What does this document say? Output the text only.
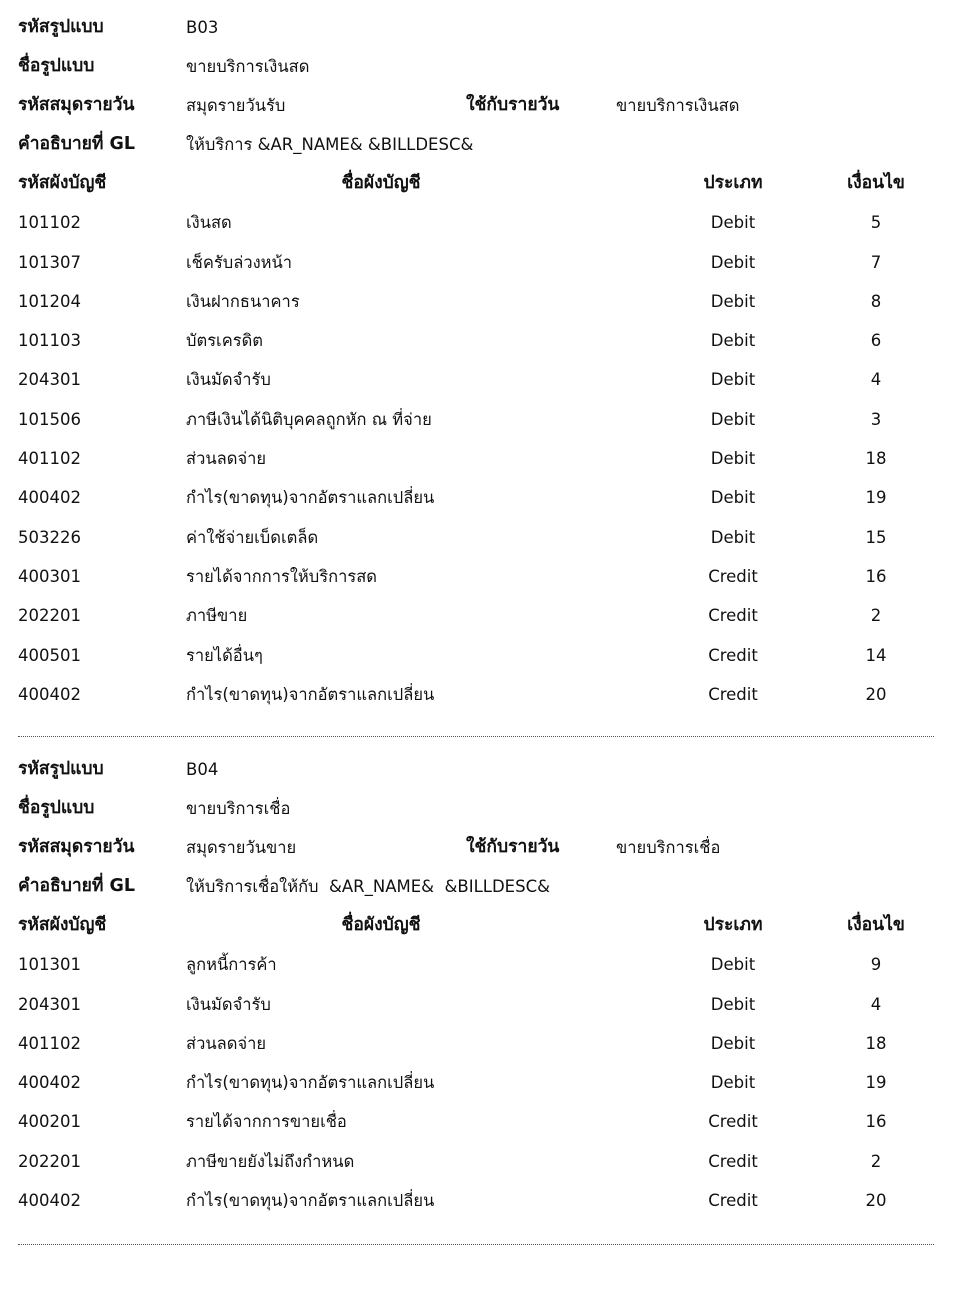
รหัสรูปแบบ	B03
ชื่อรูปแบบ	ขายบริการเงินสด
รหัสสมุดรายวัน	สมุดรายวันรับ	ใช้กับรายวัน	ขายบริการเงินสด
คำอธิบายที่ GL	ให้บริการ &AR_NAME& &BILLDESC&
รหัสผังบัญชี	ชื่อผังบัญชี	ประเภท	เงื่อนไข
101102	เงินสด	Debit	5
101307	เช็ครับล่วงหน้า	Debit	7
101204	เงินฝากธนาคาร	Debit	8
101103	บัตรเครดิต	Debit	6
204301	เงินมัดจำรับ	Debit	4
101506	ภาษีเงินได้นิติบุคคลถูกหัก ณ ที่จ่าย	Debit	3
401102	ส่วนลดจ่าย	Debit	18
400402	กำไร(ขาดทุน)จากอัตราแลกเปลี่ยน	Debit	19
503226	ค่าใช้จ่ายเบ็ดเตล็ด	Debit	15
400301	รายได้จากการให้บริการสด	Credit	16
202201	ภาษีขาย	Credit	2
400501	รายได้อื่นๆ	Credit	14
400402	กำไร(ขาดทุน)จากอัตราแลกเปลี่ยน	Credit	20
รหัสรูปแบบ	B04
ชื่อรูปแบบ	ขายบริการเชื่อ
รหัสสมุดรายวัน	สมุดรายวันขาย	ใช้กับรายวัน	ขายบริการเชื่อ
คำอธิบายที่ GL	ให้บริการเชื่อให้กับ  &AR_NAME&  &BILLDESC&
รหัสผังบัญชี	ชื่อผังบัญชี	ประเภท	เงื่อนไข
101301	ลูกหนี้การค้า	Debit	9
204301	เงินมัดจำรับ	Debit	4
401102	ส่วนลดจ่าย	Debit	18
400402	กำไร(ขาดทุน)จากอัตราแลกเปลี่ยน	Debit	19
400201	รายได้จากการขายเชื่อ	Credit	16
202201	ภาษีขายยังไม่ถึงกำหนด	Credit	2
400402	กำไร(ขาดทุน)จากอัตราแลกเปลี่ยน	Credit	20
